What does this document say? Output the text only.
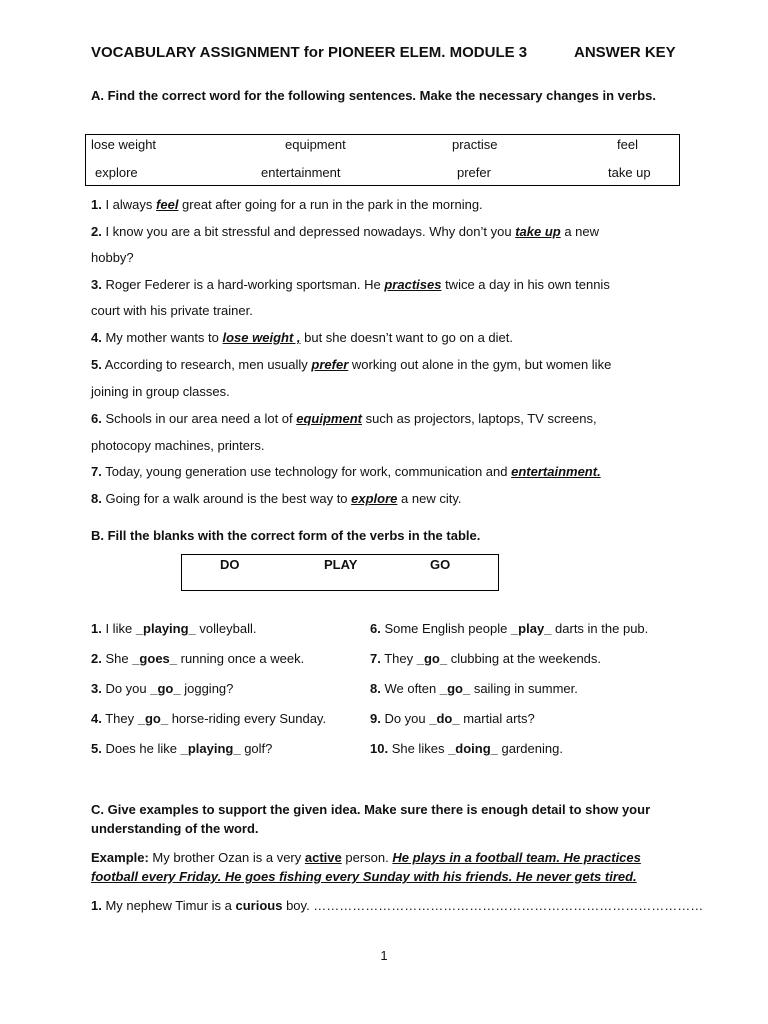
VOCABULARY ASSIGNMENT for PIONEER ELEM. MODULE 3	ANSWER KEY
A. Find the correct word for the following sentences. Make the necessary changes in verbs.
lose weight	equipment	practise	feel
explore	entertainment	prefer	take up
1. I always feel great after going for a run in the park in the morning.
2. I know you are a bit stressful and depressed nowadays. Why don’t you take up a new
hobby?
3. Roger Federer is a hard-working sportsman. He practises twice a day in his own tennis
court with his private trainer.
4. My mother wants to lose weight , but she doesn’t want to go on a diet.
5. According to research, men usually prefer working out alone in the gym, but women like
joining in group classes.
6. Schools in our area need a lot of equipment such as projectors, laptops, TV screens,
photocopy machines, printers.
7. Today, young generation use technology for work, communication and entertainment.
8. Going for a walk around is the best way to explore a new city.
B. Fill the blanks with the correct form of the verbs in the table.
DO	PLAY	GO
1. I like _playing_ volleyball.
2. She _goes_ running once a week.
3. Do you _go_ jogging?
4. They _go_ horse-riding every Sunday.
5. Does he like _playing_ golf?
6. Some English people _play_ darts in the pub.
7. They _go_ clubbing at the weekends.
8. We often _go_ sailing in summer.
9. Do you _do_ martial arts?
10. She likes _doing_ gardening.
C. Give examples to support the given idea. Make sure there is enough detail to show your understanding of the word.
Example: My brother Ozan is a very active person. He plays in a football team. He practices
football every Friday. He goes fishing every Sunday with his friends. He never gets tired.
1. My nephew Timur is a curious boy. ………………………………………………………………………………
1
